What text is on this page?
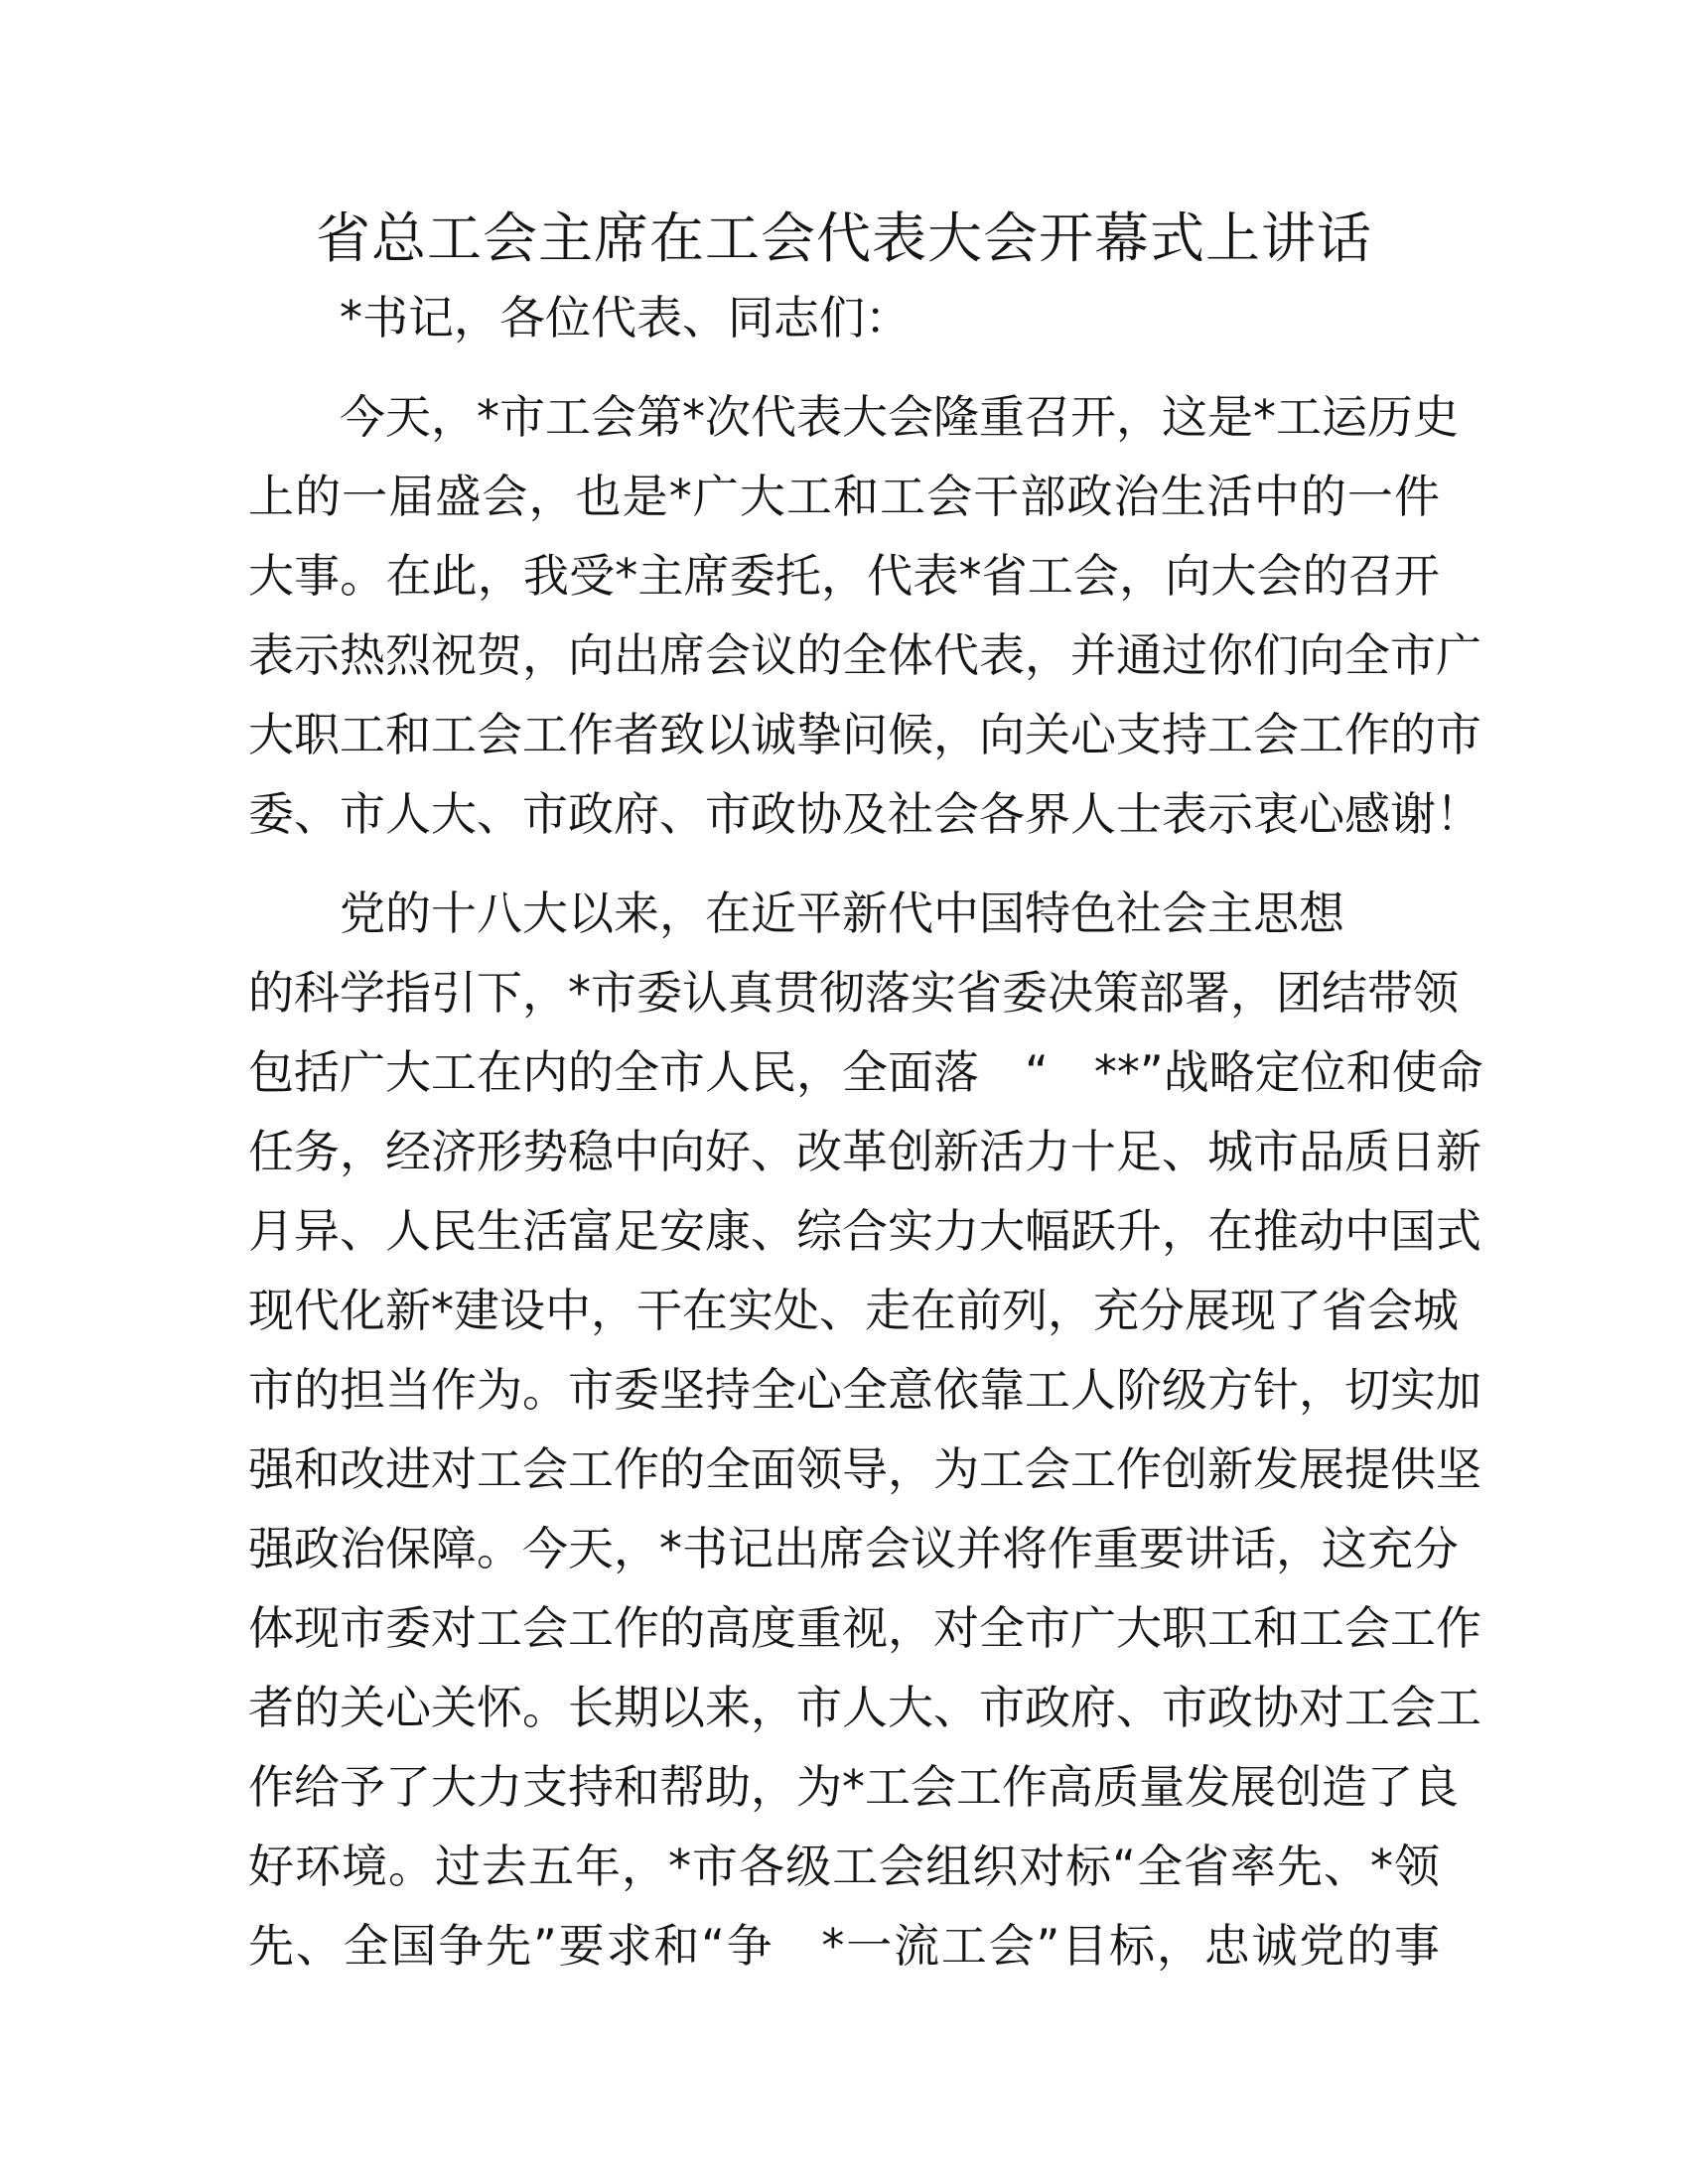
省总工会主席在工会代表大会开幕式上讲话

*书记，各位代表、同志们：

今天，*市工会第*次代表大会隆重召开，这是*工运历史
上的一届盛会，也是*广大工和工会干部政治生活中的一件
大事。在此，我受*主席委托，代表*省工会，向大会的召开
表示热烈祝贺，向出席会议的全体代表，并通过你们向全市广
大职工和工会工作者致以诚挚问候，向关心支持工会工作的市
委、市人大、市政府、市政协及社会各界人士表示衷心感谢！

党的十八大以来，在近平新代中国特色社会主思想
的科学指引下，*市委认真贯彻落实省委决策部署，团结带领
包括广大工在内的全市人民，全面落　“　**”战略定位和使命
任务，经济形势稳中向好、改革创新活力十足、城市品质日新
月异、人民生活富足安康、综合实力大幅跃升，在推动中国式
现代化新*建设中，干在实处、走在前列，充分展现了省会城
市的担当作为。市委坚持全心全意依靠工人阶级方针，切实加
强和改进对工会工作的全面领导，为工会工作创新发展提供坚
强政治保障。今天，*书记出席会议并将作重要讲话，这充分
体现市委对工会工作的高度重视，对全市广大职工和工会工作
者的关心关怀。长期以来，市人大、市政府、市政协对工会工
作给予了大力支持和帮助，为*工会工作高质量发展创造了良
好环境。过去五年，*市各级工会组织对标“全省率先、*领
先、全国争先”要求和“争　*一流工会”目标，忠诚党的事
